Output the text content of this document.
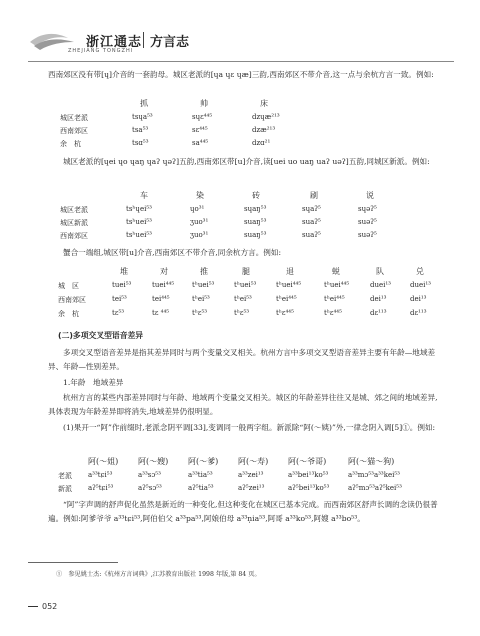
浙江通志
ZHEJIANG TONGZHI
方言志

西南郊区没有带[ɥ]介音的一套韵母。城区老派的[ɥa ɥɛ ɥæ]三韵,西南郊区不带介音,这一点与余杭方言一致。例如:

抓	帅	床
城区老派	tsɥa⁵³	sɥɛ⁴⁴⁵	dzɥæ²¹³
西南郊区	tsa⁵³	sɛ⁴⁴⁵	dzæ²¹³
余　杭	tsɑ⁵³	sa⁴⁴⁵	dzɑ²¹

城区老派的[ɥei ɥo ɥaŋ ɥaʔ ɥəʔ]五韵,西南郊区带[u]介音,读[uei uo uaŋ uaʔ uəʔ]五韵,同城区新派。例如:

车	染	砖	刷	说
城区老派	tsʰɥei⁵³	ɥo³¹	sɥaŋ⁵³	sɥaʔ⁵	sɥəʔ⁵
城区新派	tsʰuei⁵³	ʒuo³¹	suaŋ⁵³	suaʔ⁵	suəʔ⁵
西南郊区	tsʰuei⁵³	ʒuo³¹	suaŋ⁵³	suaʔ⁵	suəʔ⁵

蟹合一端组,城区带[u]介音,西南郊区不带介音,同余杭方言。例如:

堆	对	推	腿	退	蜕	队	兑
城　区	tuei⁵³	tuei⁴⁴⁵	tʰuei⁵³	tʰuei⁵³	tʰuei⁴⁴⁵	tʰuei⁴⁴⁵	duei¹³	duei¹³
西南郊区	tei⁵³	tei⁴⁴⁵	tʰei⁵³	tʰei⁵³	tʰei⁴⁴⁵	tʰei⁴⁴⁵	dei¹³	dei¹³
余　杭	tɛ⁵³	tɛ ⁴⁴⁵	tʰɛ⁵³	tʰɛ⁵³	tʰɛ⁴⁴⁵	tʰɛ⁴⁴⁵	dɛ¹¹³	dɛ¹¹³
(二)多项交叉型语音差异

多项交叉型语音差异是指其差异同时与两个变量交叉相关。杭州方言中多项交叉型语音差异主要有年龄—地域差异、年龄—性别差异。

1.年龄　地域差异

杭州方言的某些内部差异同时与年龄、地域两个变量交叉相关。城区的年龄差异往往又是城、郊之间的地域差异,具体表现为年龄差异即将消失,地域差异仍很明显。

(1)果开一“阿”作前缀时,老派念阴平调[33],变调同一般两字组。新派除“阿(～姨)”外,一律念阴入调[5]①。例如:

阿(～姐) 阿(～嫂) 阿(～爹) 阿(～寿) 阿(～爷哥)	阿(～猫～狗)
老派 a³³tɕi⁵³	a³³sɔ⁵³	a³³tia⁵³	a³³zei¹³	a³³bei¹³ko⁵³	a³³mɔ⁵³a³³kei⁵³
新派 aʔ⁵tɕi⁵³	aʔ⁵sɔ⁵³	aʔ⁵tia⁵³	aʔ⁵zei¹³	aʔ⁵bei¹³ko⁵³	aʔ⁵mɔ⁵³aʔ⁵kei⁵³

“阿”字声调的舒声促化虽然是新近的一种变化,但这种变化在城区已基本完成。而西南郊区舒声长调的念读仍很普遍。例如:阿爹爷爷 a³³tɕi⁵³,阿伯伯父 a³³pa⁵³,阿娘伯母 a³³n̩ia⁵³,阿哥 a³³ko⁵³,阿嫂 a³³bo⁵³。

①　参见姚士杰:《杭州方言词典》,江苏教育出版社 1998 年版,第 84 页。
052
